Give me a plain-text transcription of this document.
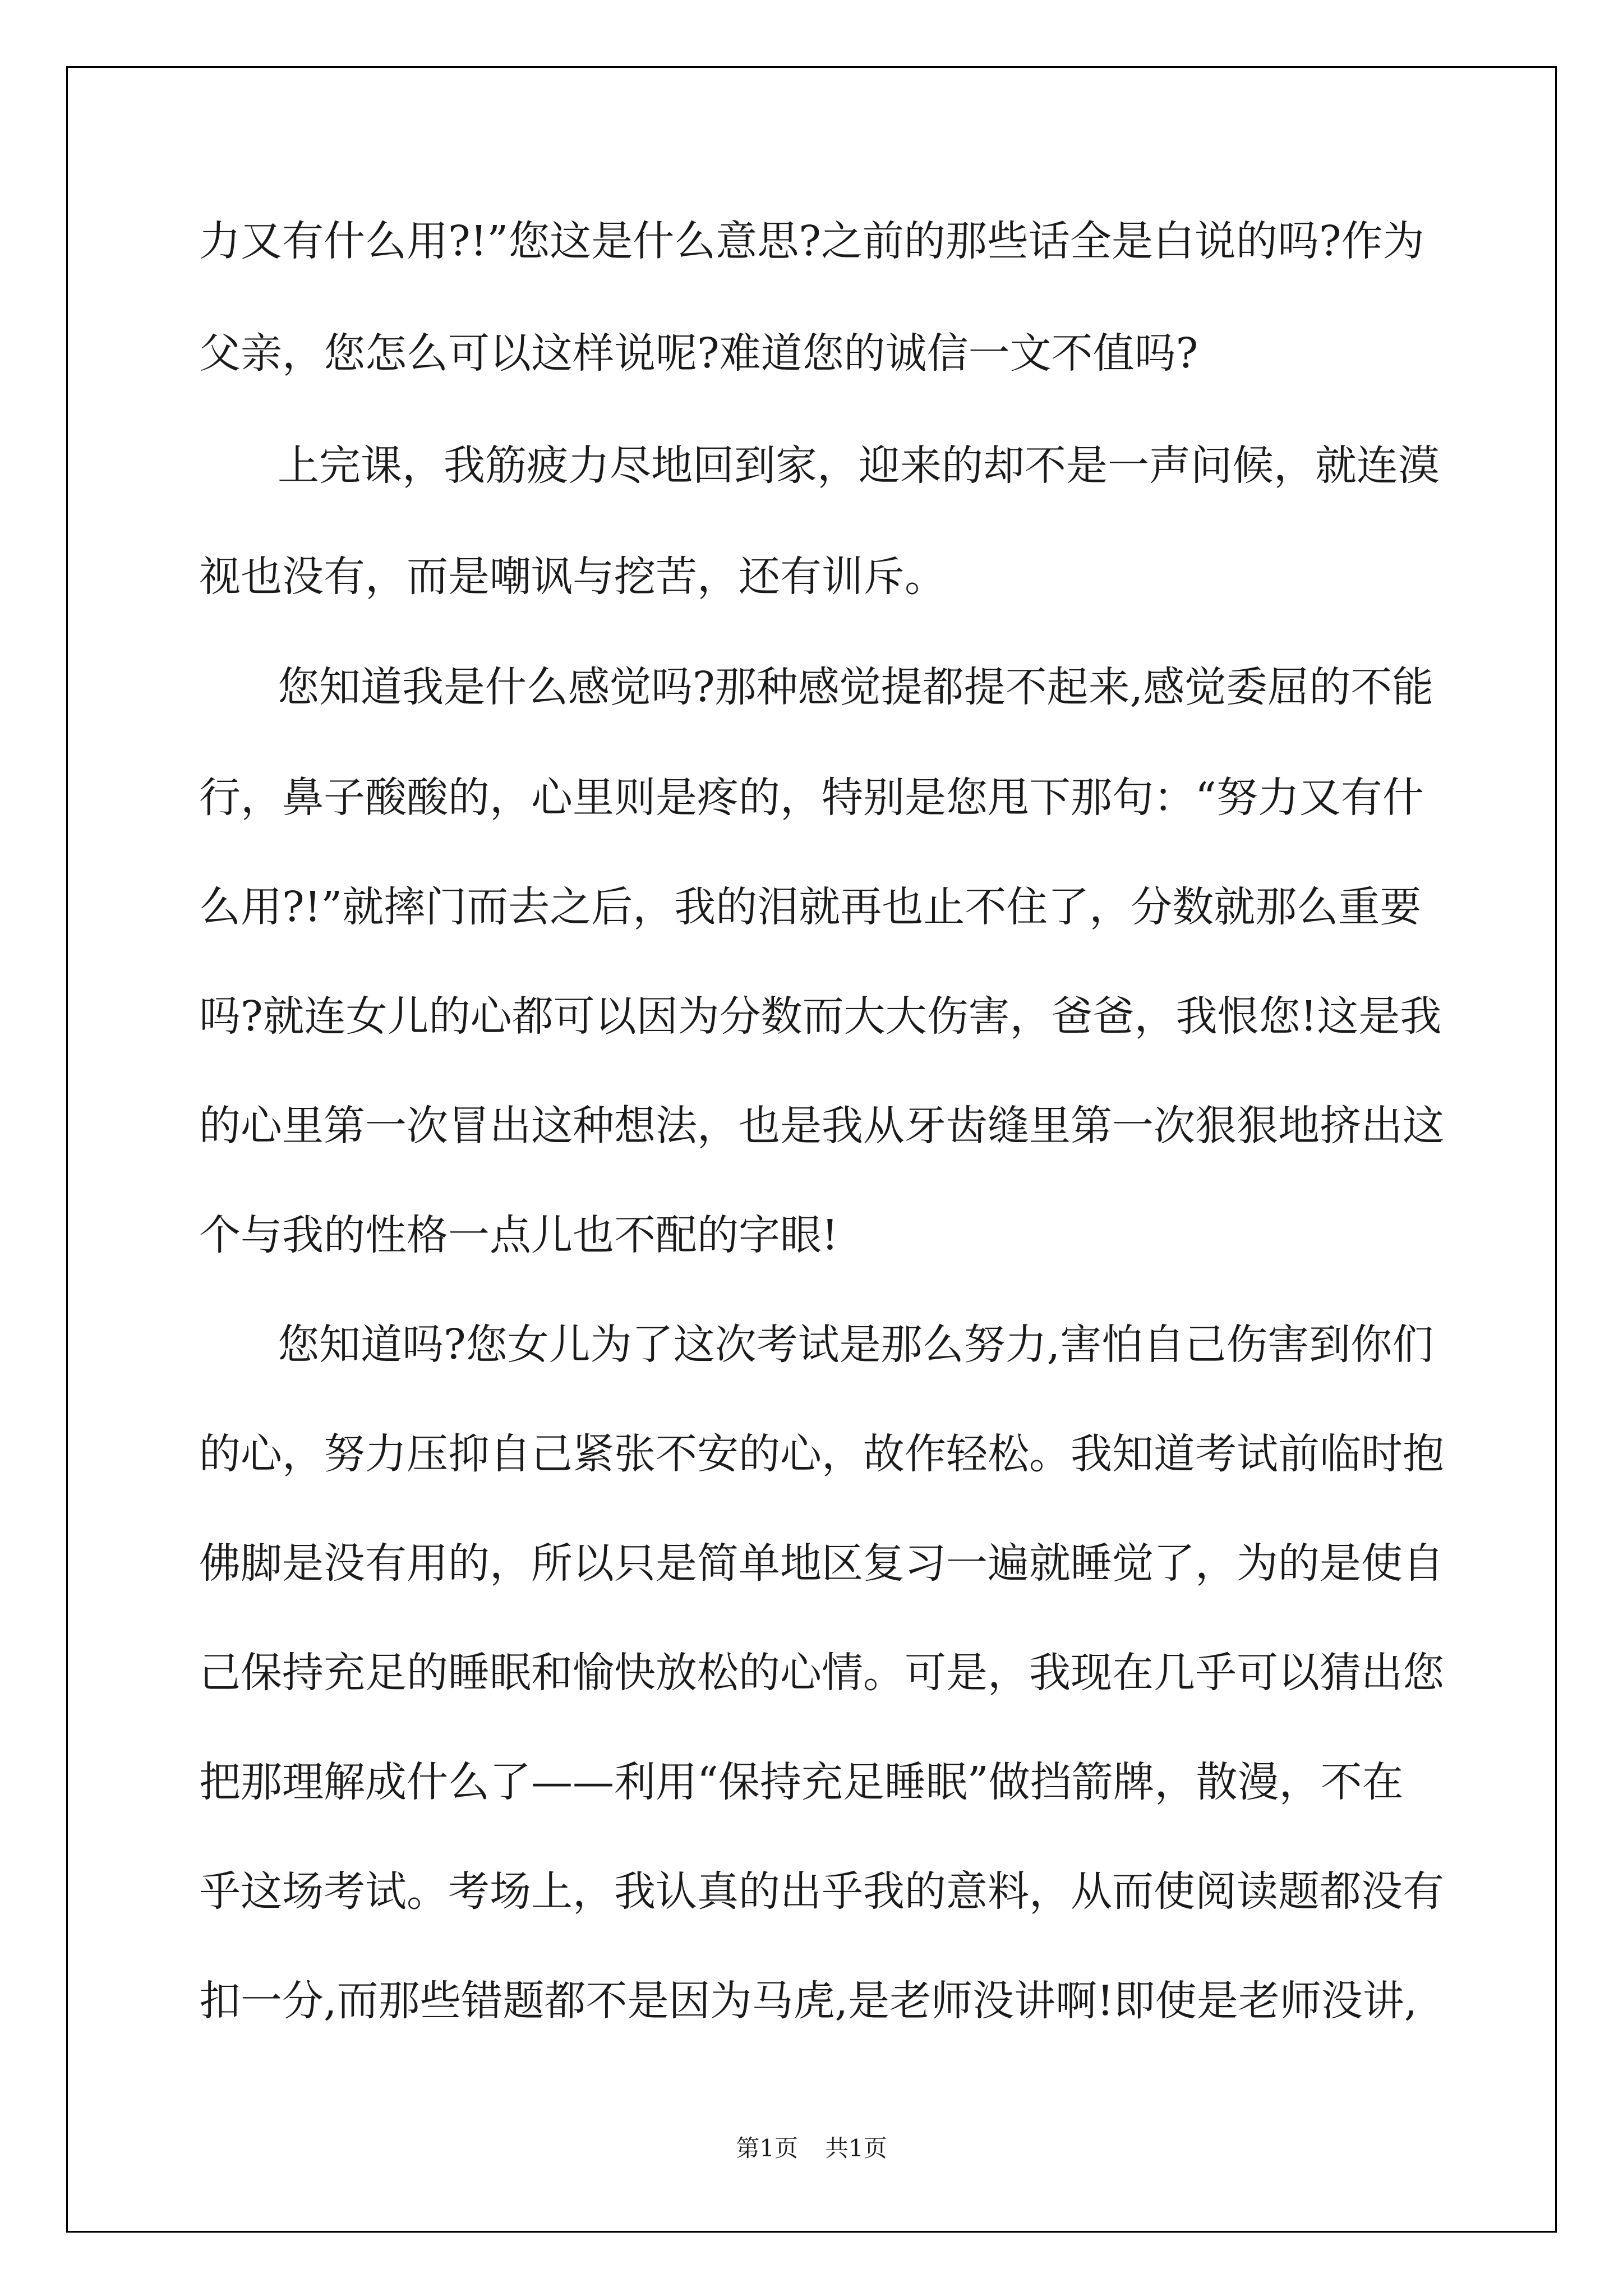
力又有什么用?!”您这是什么意思?之前的那些话全是白说的吗?作为
父亲，您怎么可以这样说呢?难道您的诚信一文不值吗?
上完课，我筋疲力尽地回到家，迎来的却不是一声问候，就连漠
视也没有，而是嘲讽与挖苦，还有训斥。
您知道我是什么感觉吗?那种感觉提都提不起来,感觉委屈的不能
行，鼻子酸酸的，心里则是疼的，特别是您甩下那句：“努力又有什
么用?!”就摔门而去之后，我的泪就再也止不住了，分数就那么重要
吗?就连女儿的心都可以因为分数而大大伤害，爸爸，我恨您!这是我
的心里第一次冒出这种想法，也是我从牙齿缝里第一次狠狠地挤出这
个与我的性格一点儿也不配的字眼!
您知道吗?您女儿为了这次考试是那么努力,害怕自己伤害到你们
的心，努力压抑自己紧张不安的心，故作轻松。我知道考试前临时抱
佛脚是没有用的，所以只是简单地区复习一遍就睡觉了，为的是使自
己保持充足的睡眠和愉快放松的心情。可是，我现在几乎可以猜出您
把那理解成什么了——利用“保持充足睡眠”做挡箭牌，散漫，不在
乎这场考试。考场上，我认真的出乎我的意料，从而使阅读题都没有
扣一分,而那些错题都不是因为马虎,是老师没讲啊!即使是老师没讲,
第1页 共1页
